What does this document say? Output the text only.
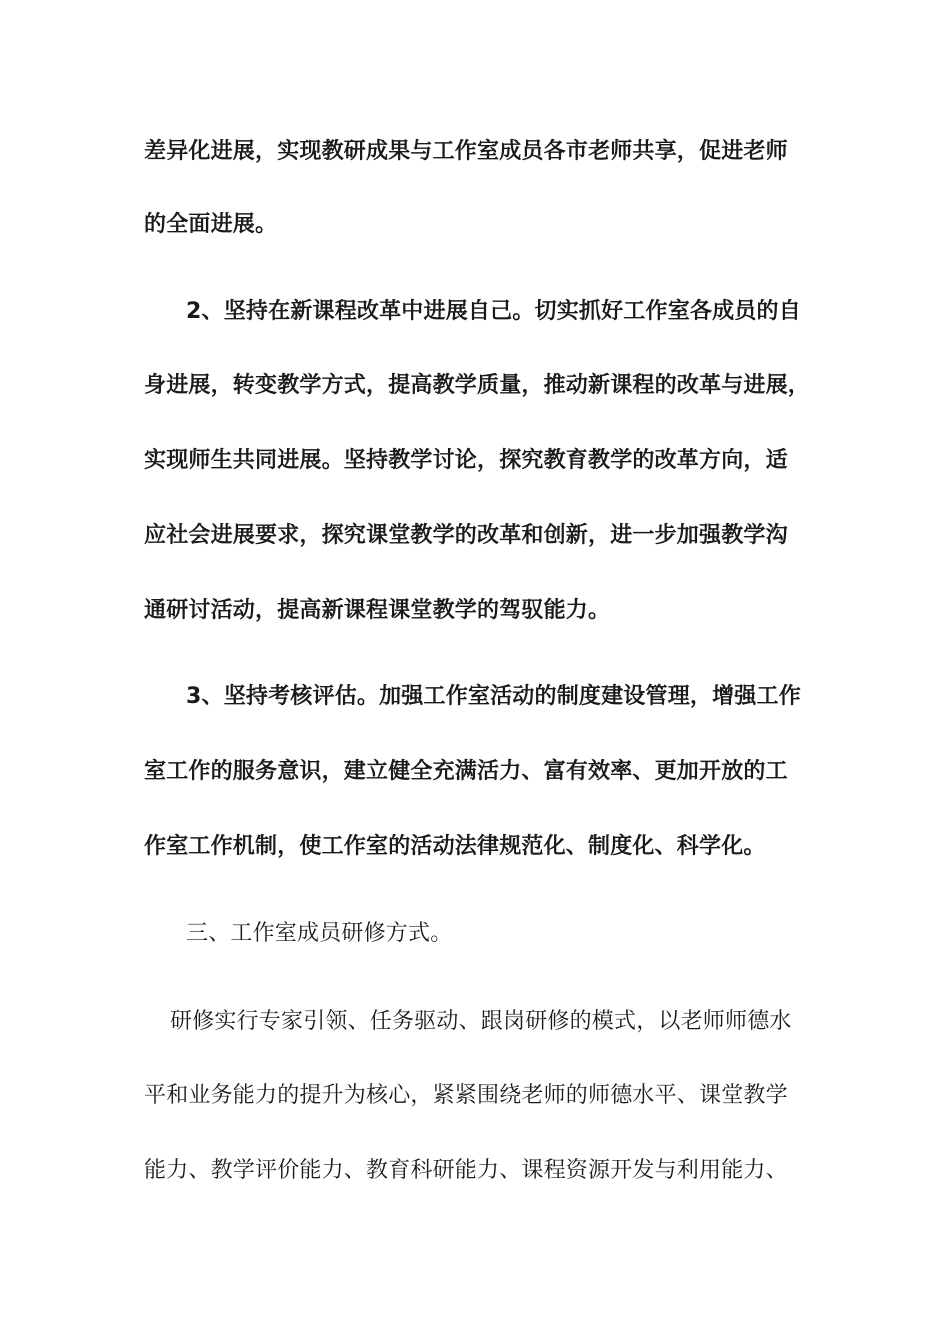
差异化进展，实现教研成果与工作室成员各市老师共享，促进老师
的全面进展。
2、坚持在新课程改革中进展自己。切实抓好工作室各成员的自
身进展，转变教学方式，提高教学质量，推动新课程的改革与进展，
实现师生共同进展。坚持教学讨论，探究教育教学的改革方向，适
应社会进展要求，探究课堂教学的改革和创新，进一步加强教学沟
通研讨活动，提高新课程课堂教学的驾驭能力。
3、坚持考核评估。加强工作室活动的制度建设管理，增强工作
室工作的服务意识，建立健全充满活力、富有效率、更加开放的工
作室工作机制，使工作室的活动法律规范化、制度化、科学化。
三、工作室成员研修方式。
研修实行专家引领、任务驱动、跟岗研修的模式，以老师师德水
平和业务能力的提升为核心，紧紧围绕老师的师德水平、课堂教学
能力、教学评价能力、教育科研能力、课程资源开发与利用能力、
